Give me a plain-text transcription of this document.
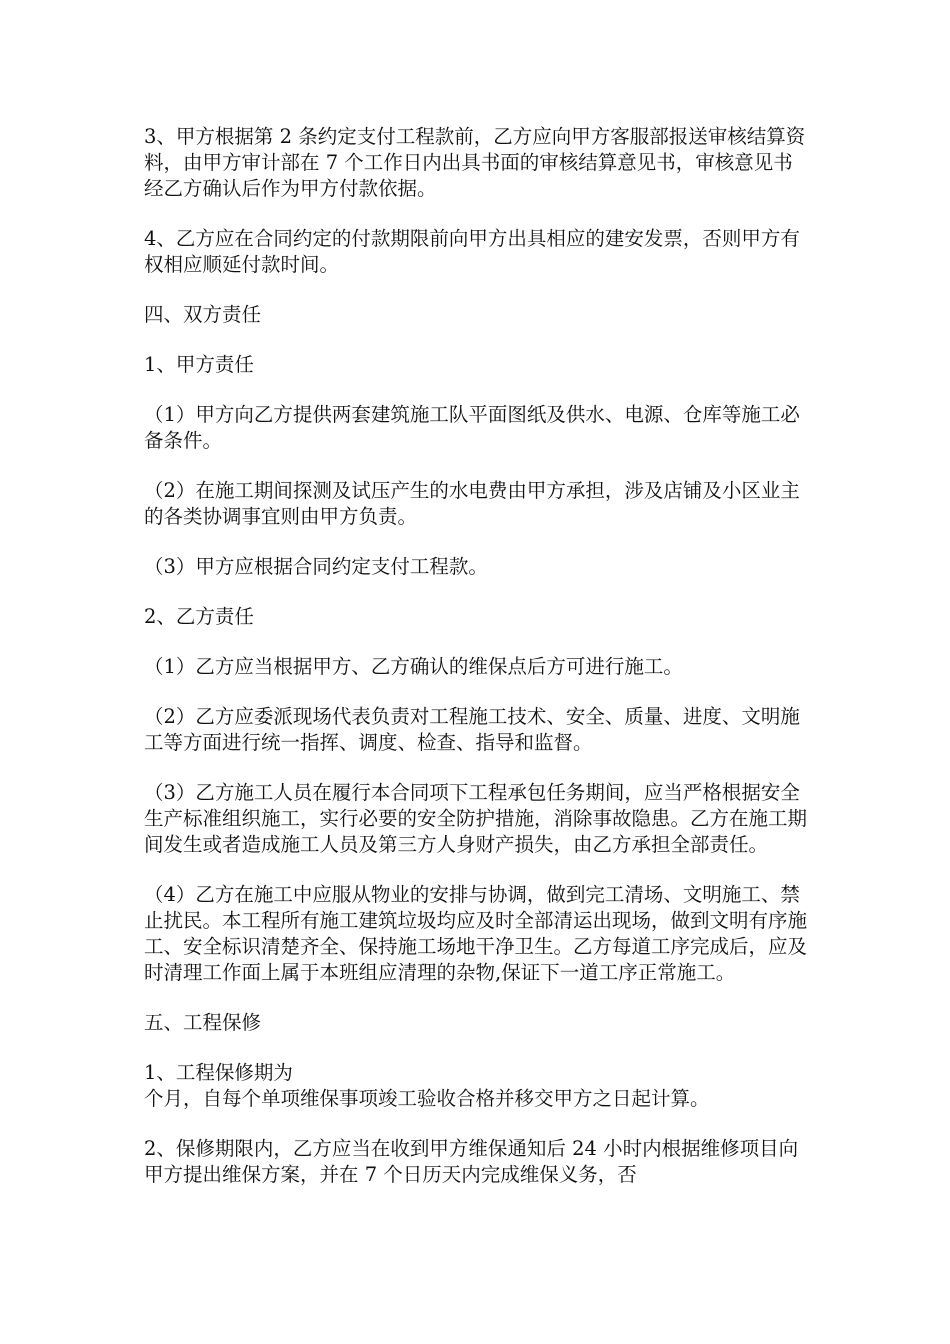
3、甲方根据第 2 条约定支付工程款前，乙方应向甲方客服部报送审核结算资料，由甲方审计部在 7 个工作日内出具书面的审核结算意见书，审核意见书经乙方确认后作为甲方付款依据。

4、乙方应在合同约定的付款期限前向甲方出具相应的建安发票，否则甲方有权相应顺延付款时间。

四、双方责任

1、甲方责任

（1）甲方向乙方提供两套建筑施工队平面图纸及供水、电源、仓库等施工必备条件。

（2）在施工期间探测及试压产生的水电费由甲方承担，涉及店铺及小区业主的各类协调事宜则由甲方负责。

（3）甲方应根据合同约定支付工程款。

2、乙方责任

（1）乙方应当根据甲方、乙方确认的维保点后方可进行施工。

（2）乙方应委派现场代表负责对工程施工技术、安全、质量、进度、文明施工等方面进行统一指挥、调度、检查、指导和监督。

（3）乙方施工人员在履行本合同项下工程承包任务期间，应当严格根据安全生产标准组织施工，实行必要的安全防护措施，消除事故隐患。乙方在施工期间发生或者造成施工人员及第三方人身财产损失，由乙方承担全部责任。

（4）乙方在施工中应服从物业的安排与协调，做到完工清场、文明施工、禁止扰民。本工程所有施工建筑垃圾均应及时全部清运出现场，做到文明有序施工、安全标识清楚齐全、保持施工场地干净卫生。乙方每道工序完成后，应及时清理工作面上属于本班组应清理的杂物,保证下一道工序正常施工。

五、工程保修

1、工程保修期为
个月，自每个单项维保事项竣工验收合格并移交甲方之日起计算。

2、保修期限内，乙方应当在收到甲方维保通知后 24 小时内根据维修项目向甲方提出维保方案，并在 7 个日历天内完成维保义务，否
